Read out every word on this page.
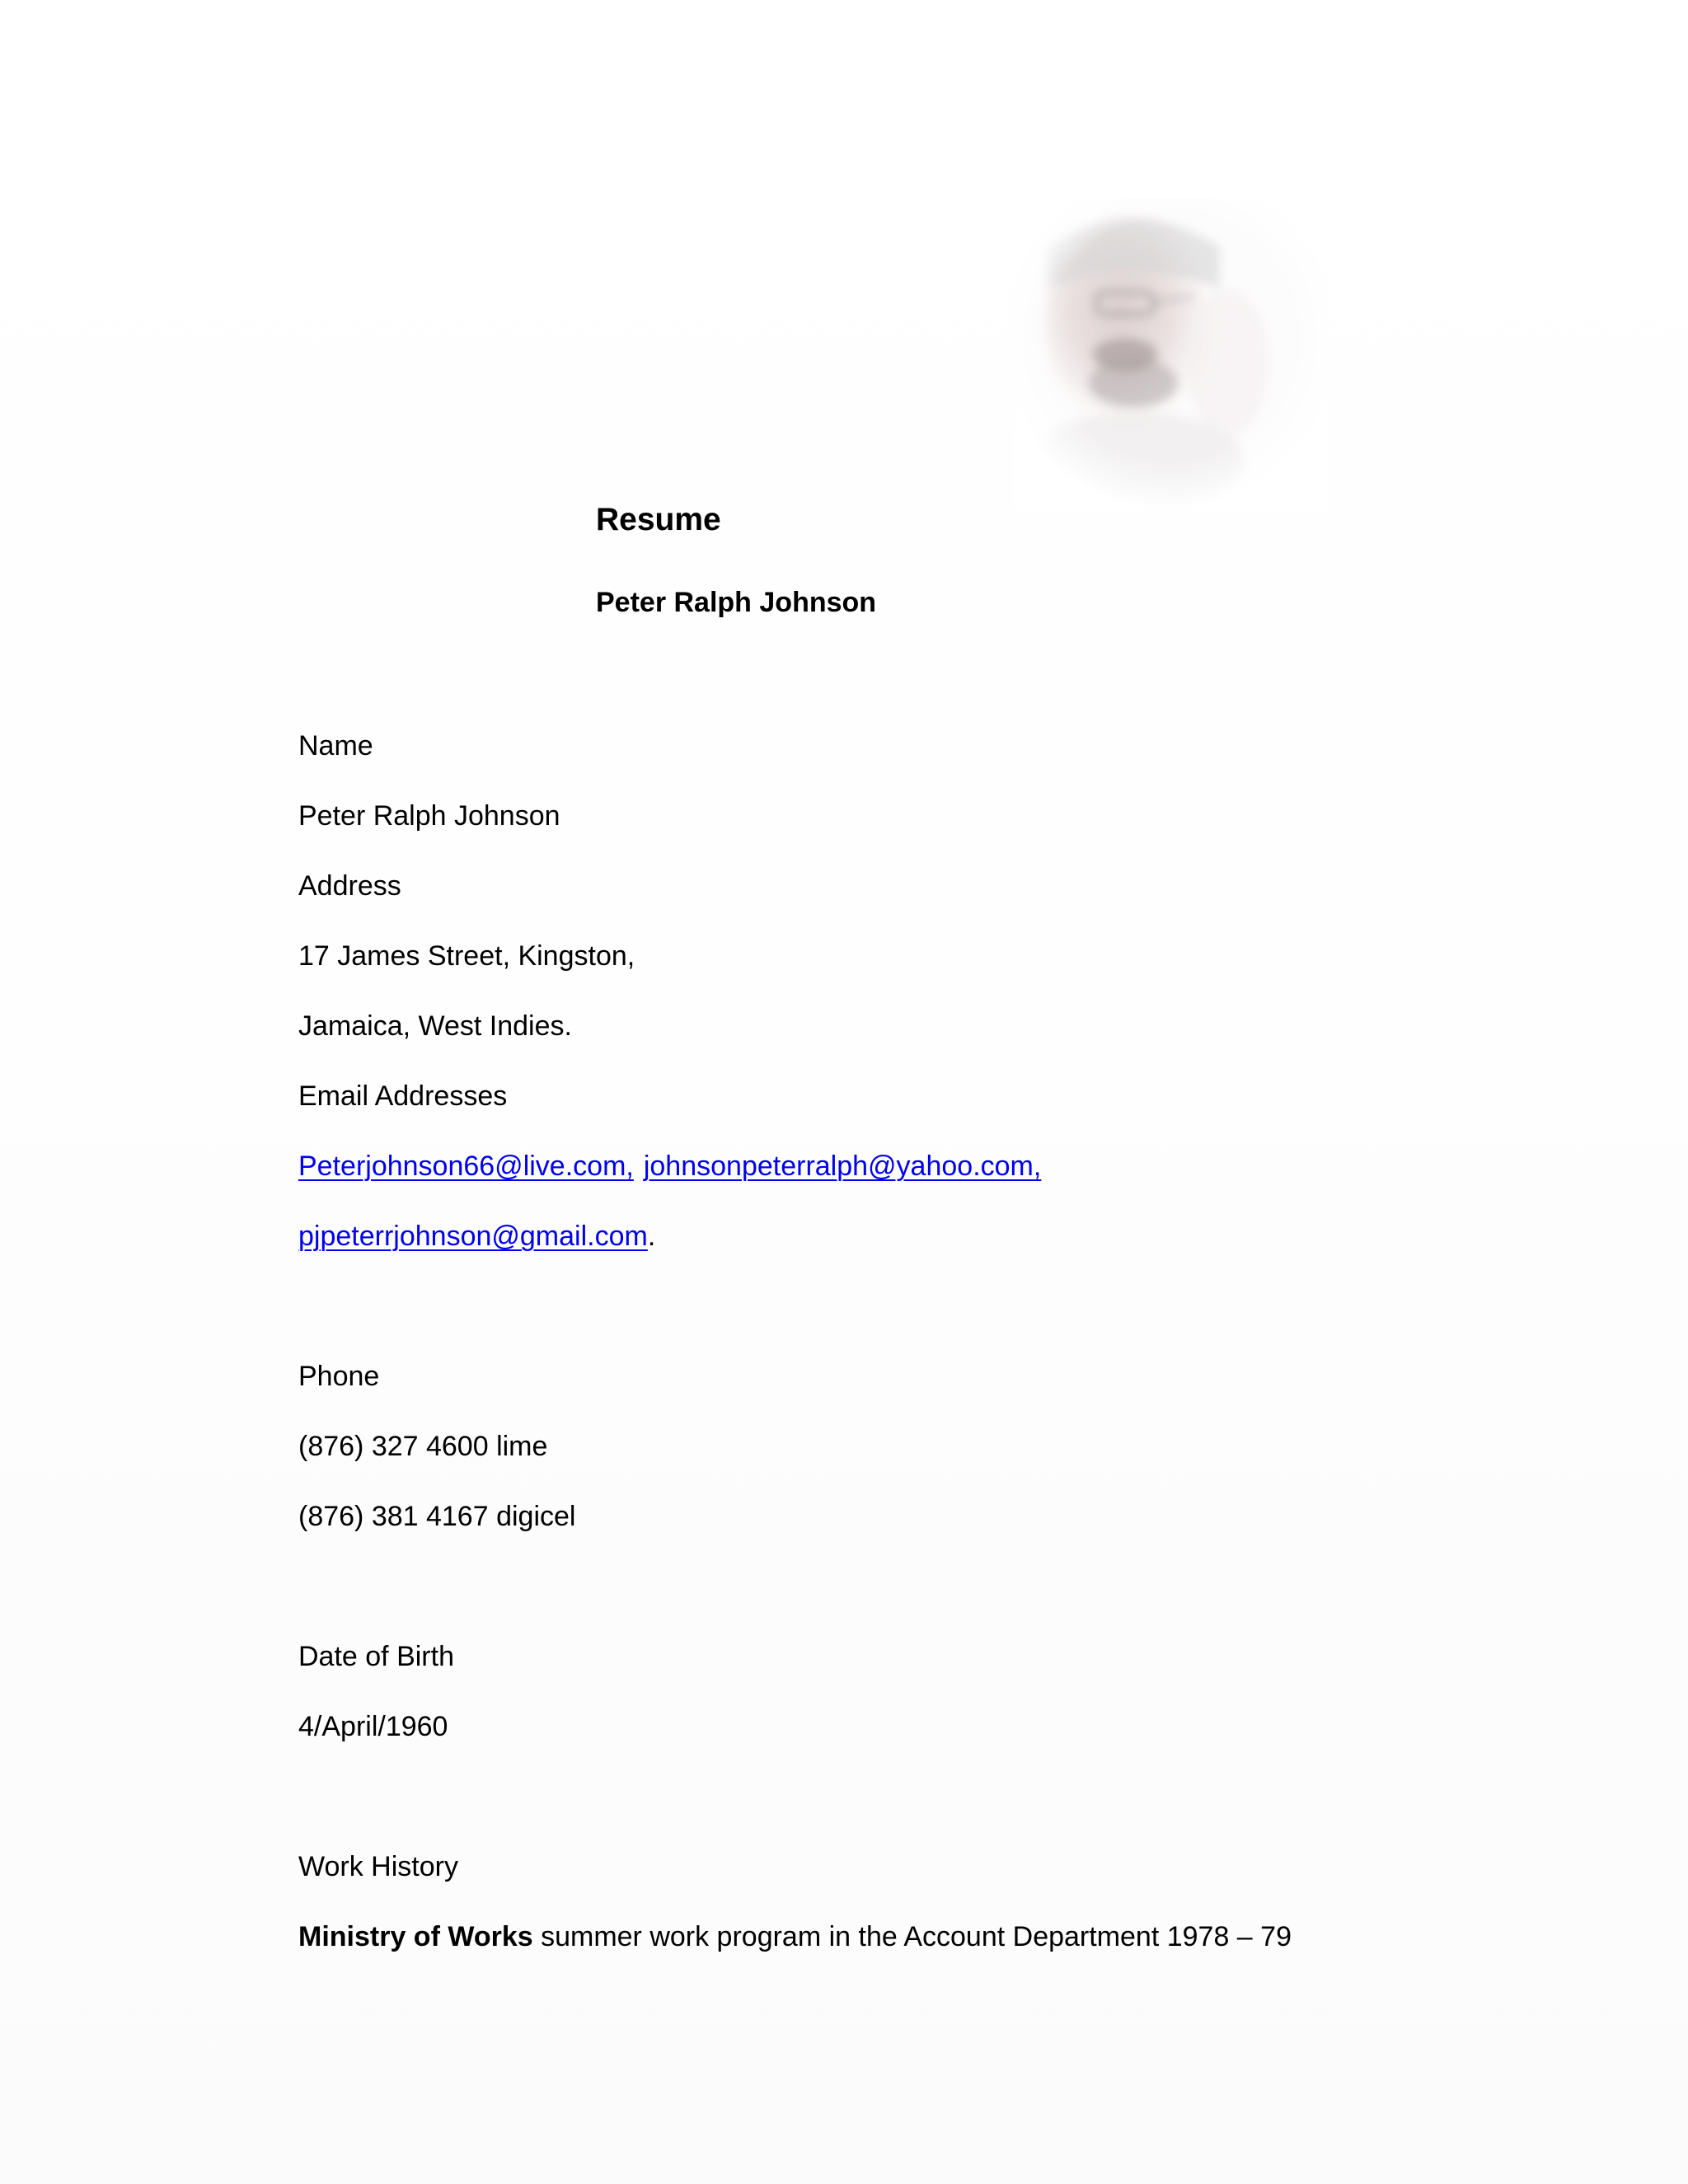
Resume
Peter Ralph Johnson
Name
Peter Ralph Johnson
Address
17 James Street, Kingston,
Jamaica, West Indies.
Email Addresses
Peterjohnson66@live.com, johnsonpeterralph@yahoo.com,
pjpeterrjohnson@gmail.com.
Phone
(876) 327 4600 lime
(876) 381 4167 digicel
Date of Birth
4/April/1960
Work History
Ministry of Works summer work program in the Account Department 1978 – 79
